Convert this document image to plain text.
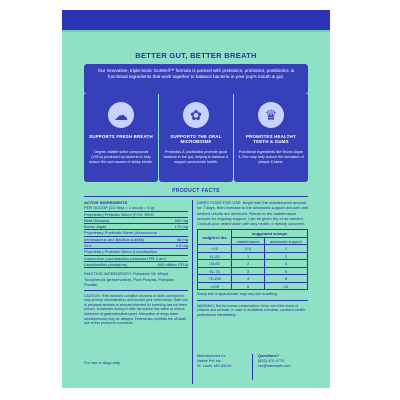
BETTER GUT, BETTER BREATH
Our innovative, triple-biotic GutWell™ formula is packed with prebiotics, probiotics, postbiotics, & functional ingredients that work together to balance bacteria in your pup's mouth & gut.
☁
SUPPORTS FRESH BREATH
Targets volatile sulfur compounds (VSCs) produced by bacteria to help reduce the root causes of stinky breath.
✿
SUPPORTS THE ORAL MICROBIOME
Prebiotics & postbiotics promote good bacteria in the gut, helping to balance & support periodontal health.
♛
PROMOTES HEALTHY TEETH & GUMS
Functional ingredients like Brown Algae & Zinc may help reduce the formation of plaque & tartar.
PRODUCT FACTS
ACTIVE INGREDIENTS
PER SCOOP (1/2 tbsp = 1 scoop = 5 g)
Proprietary Prebiotic Blend (FOS, MOS,
Beta Glucans)	500 mg
Brown Algae	175 mg
Proprietary Postbiotic Blend (Aerococcus
pentosaceus and Bacillus subtilis)	58 mg
Zinc	4.5 mg
Proprietary Probiotic Blend (Lactobacillus
rhamnosus, Lactobacillus paracasei PR-4 and
Lactobacillus plantarum)	500 million CFUs
INACTIVE INGREDIENTS: Flaxseed Oil, Mixed Tocopherols (preservative), Pork Plasma, Pumpkin Powder
CAUTION: If the animal's condition worsens or does not improve, stop product administration and consult your veterinarian. Safe use in pregnant animals or animals intended for breeding has not been proven. Administer during or after the animal has eaten to reduce incidence of gastrointestinal upset. Absorption of drugs taken simultaneously may be delayed. Federal law prohibits the off-label use of this product in ruminants.
For use in dogs only.
DIRECTIONS FOR USE: Begin with the maintenance amount for 7 days, then increase to the advanced support amount until desired results are achieved. Return to the maintenance amount for ongoing support. Can be given dry or as needed. Consult your veterinarian with any health or dietary concerns.
weight in lbs	suggested scoops	
	maintenance	advanced support
<10	0.5	1
11-25	1	2
26-50	2	4
51-75	3	6
76-100	4	8
>100	5	10
Scoop size is approximate; may vary due to settling.
WARNING: Not for human consumption. Keep out of the reach of children and animals. In case of accidental overdose, contact a health professional immediately.
Manufactured for
Native Pet Inc.
St. Louis, MO 63110
Questions?
(833) 470-4770
vet@nativepet.com
